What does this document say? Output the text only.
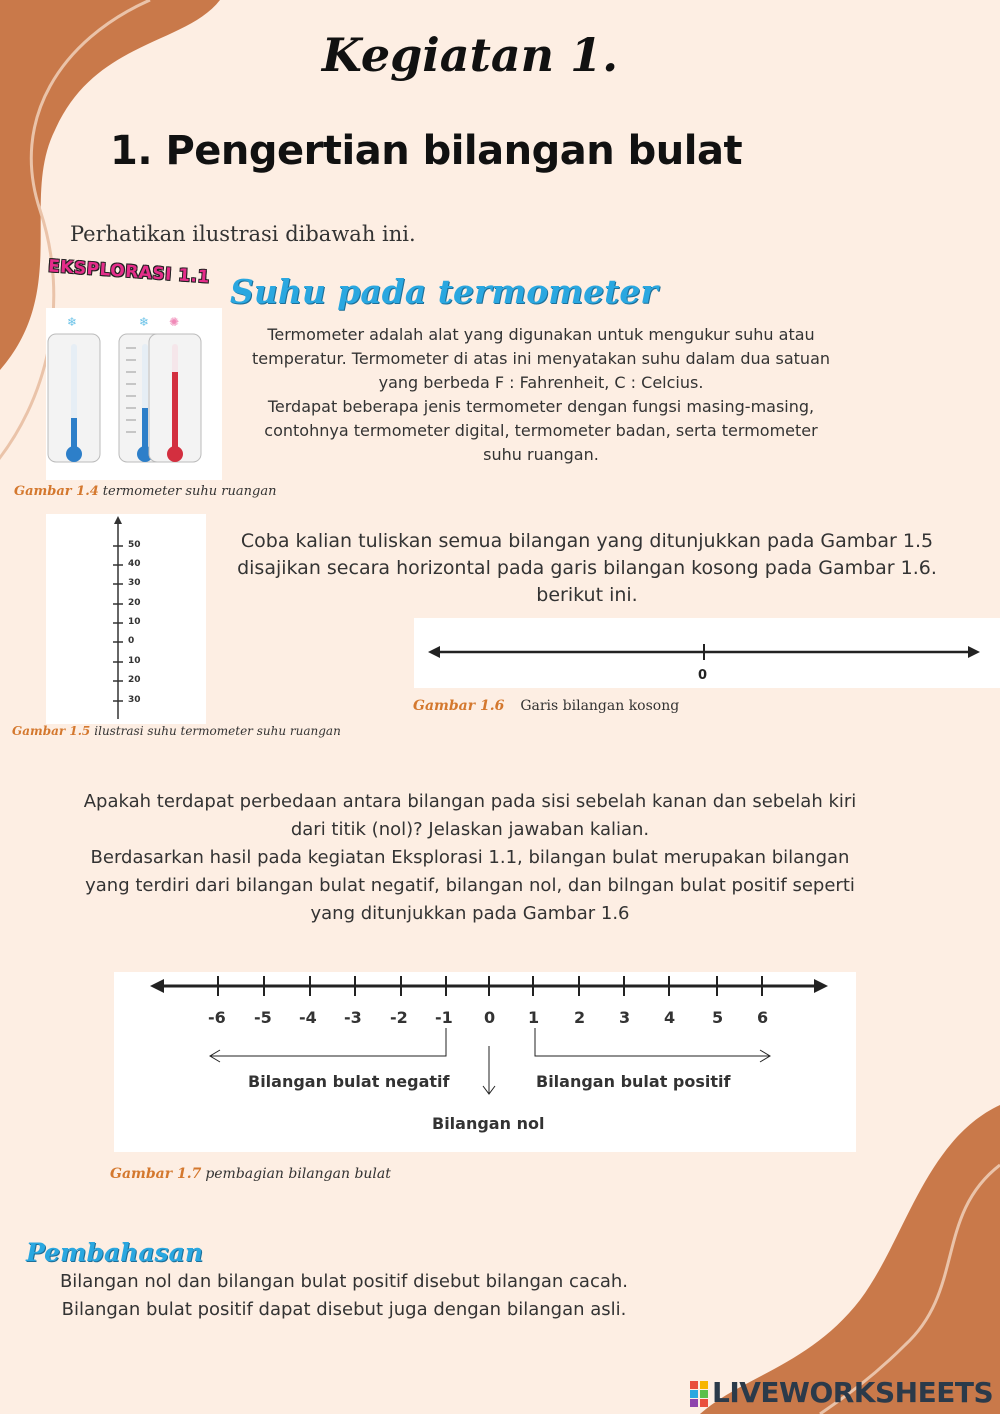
Kegiatan 1.
1. Pengertian bilangan bulat
Perhatikan ilustrasi dibawah ini.
EKSPLORASI 1.1 Suhu pada termometer
❄
❄	✺
Gambar 1.4 termometer suhu ruangan
Termometer adalah alat yang digunakan untuk mengukur suhu atau
temperatur. Termometer di atas ini menyatakan suhu dalam dua satuan
yang berbeda F : Fahrenheit, C : Celcius.
Terdapat beberapa jenis termometer dengan fungsi masing-masing,
contohnya termometer digital, termometer badan, serta termometer
suhu ruangan.
50
40
30
20
10
0
10
20
30
Gambar 1.5 ilustrasi suhu termometer suhu ruangan
Coba kalian tuliskan semua bilangan yang ditunjukkan pada Gambar 1.5
disajikan secara horizontal pada garis bilangan kosong pada Gambar 1.6.
berikut ini.
0
Gambar 1.6 Garis bilangan kosong
Apakah terdapat perbedaan antara bilangan pada sisi sebelah kanan dan sebelah kiri
dari titik (nol)? Jelaskan jawaban kalian.
Berdasarkan hasil pada kegiatan Eksplorasi 1.1, bilangan bulat merupakan bilangan
yang terdiri dari bilangan bulat negatif, bilangan nol, dan bilngan bulat positif seperti
yang ditunjukkan pada Gambar 1.6
-6 -5 -4 -3 -2 -1 0 1 2 3 4 5 6
Bilangan bulat negatif	Bilangan bulat positif
Bilangan nol
Gambar 1.7 pembagian bilangan bulat
Pembahasan
Bilangan nol dan bilangan bulat positif disebut bilangan cacah.
Bilangan bulat positif dapat disebut juga dengan bilangan asli.
LIVEWORKSHEETS
